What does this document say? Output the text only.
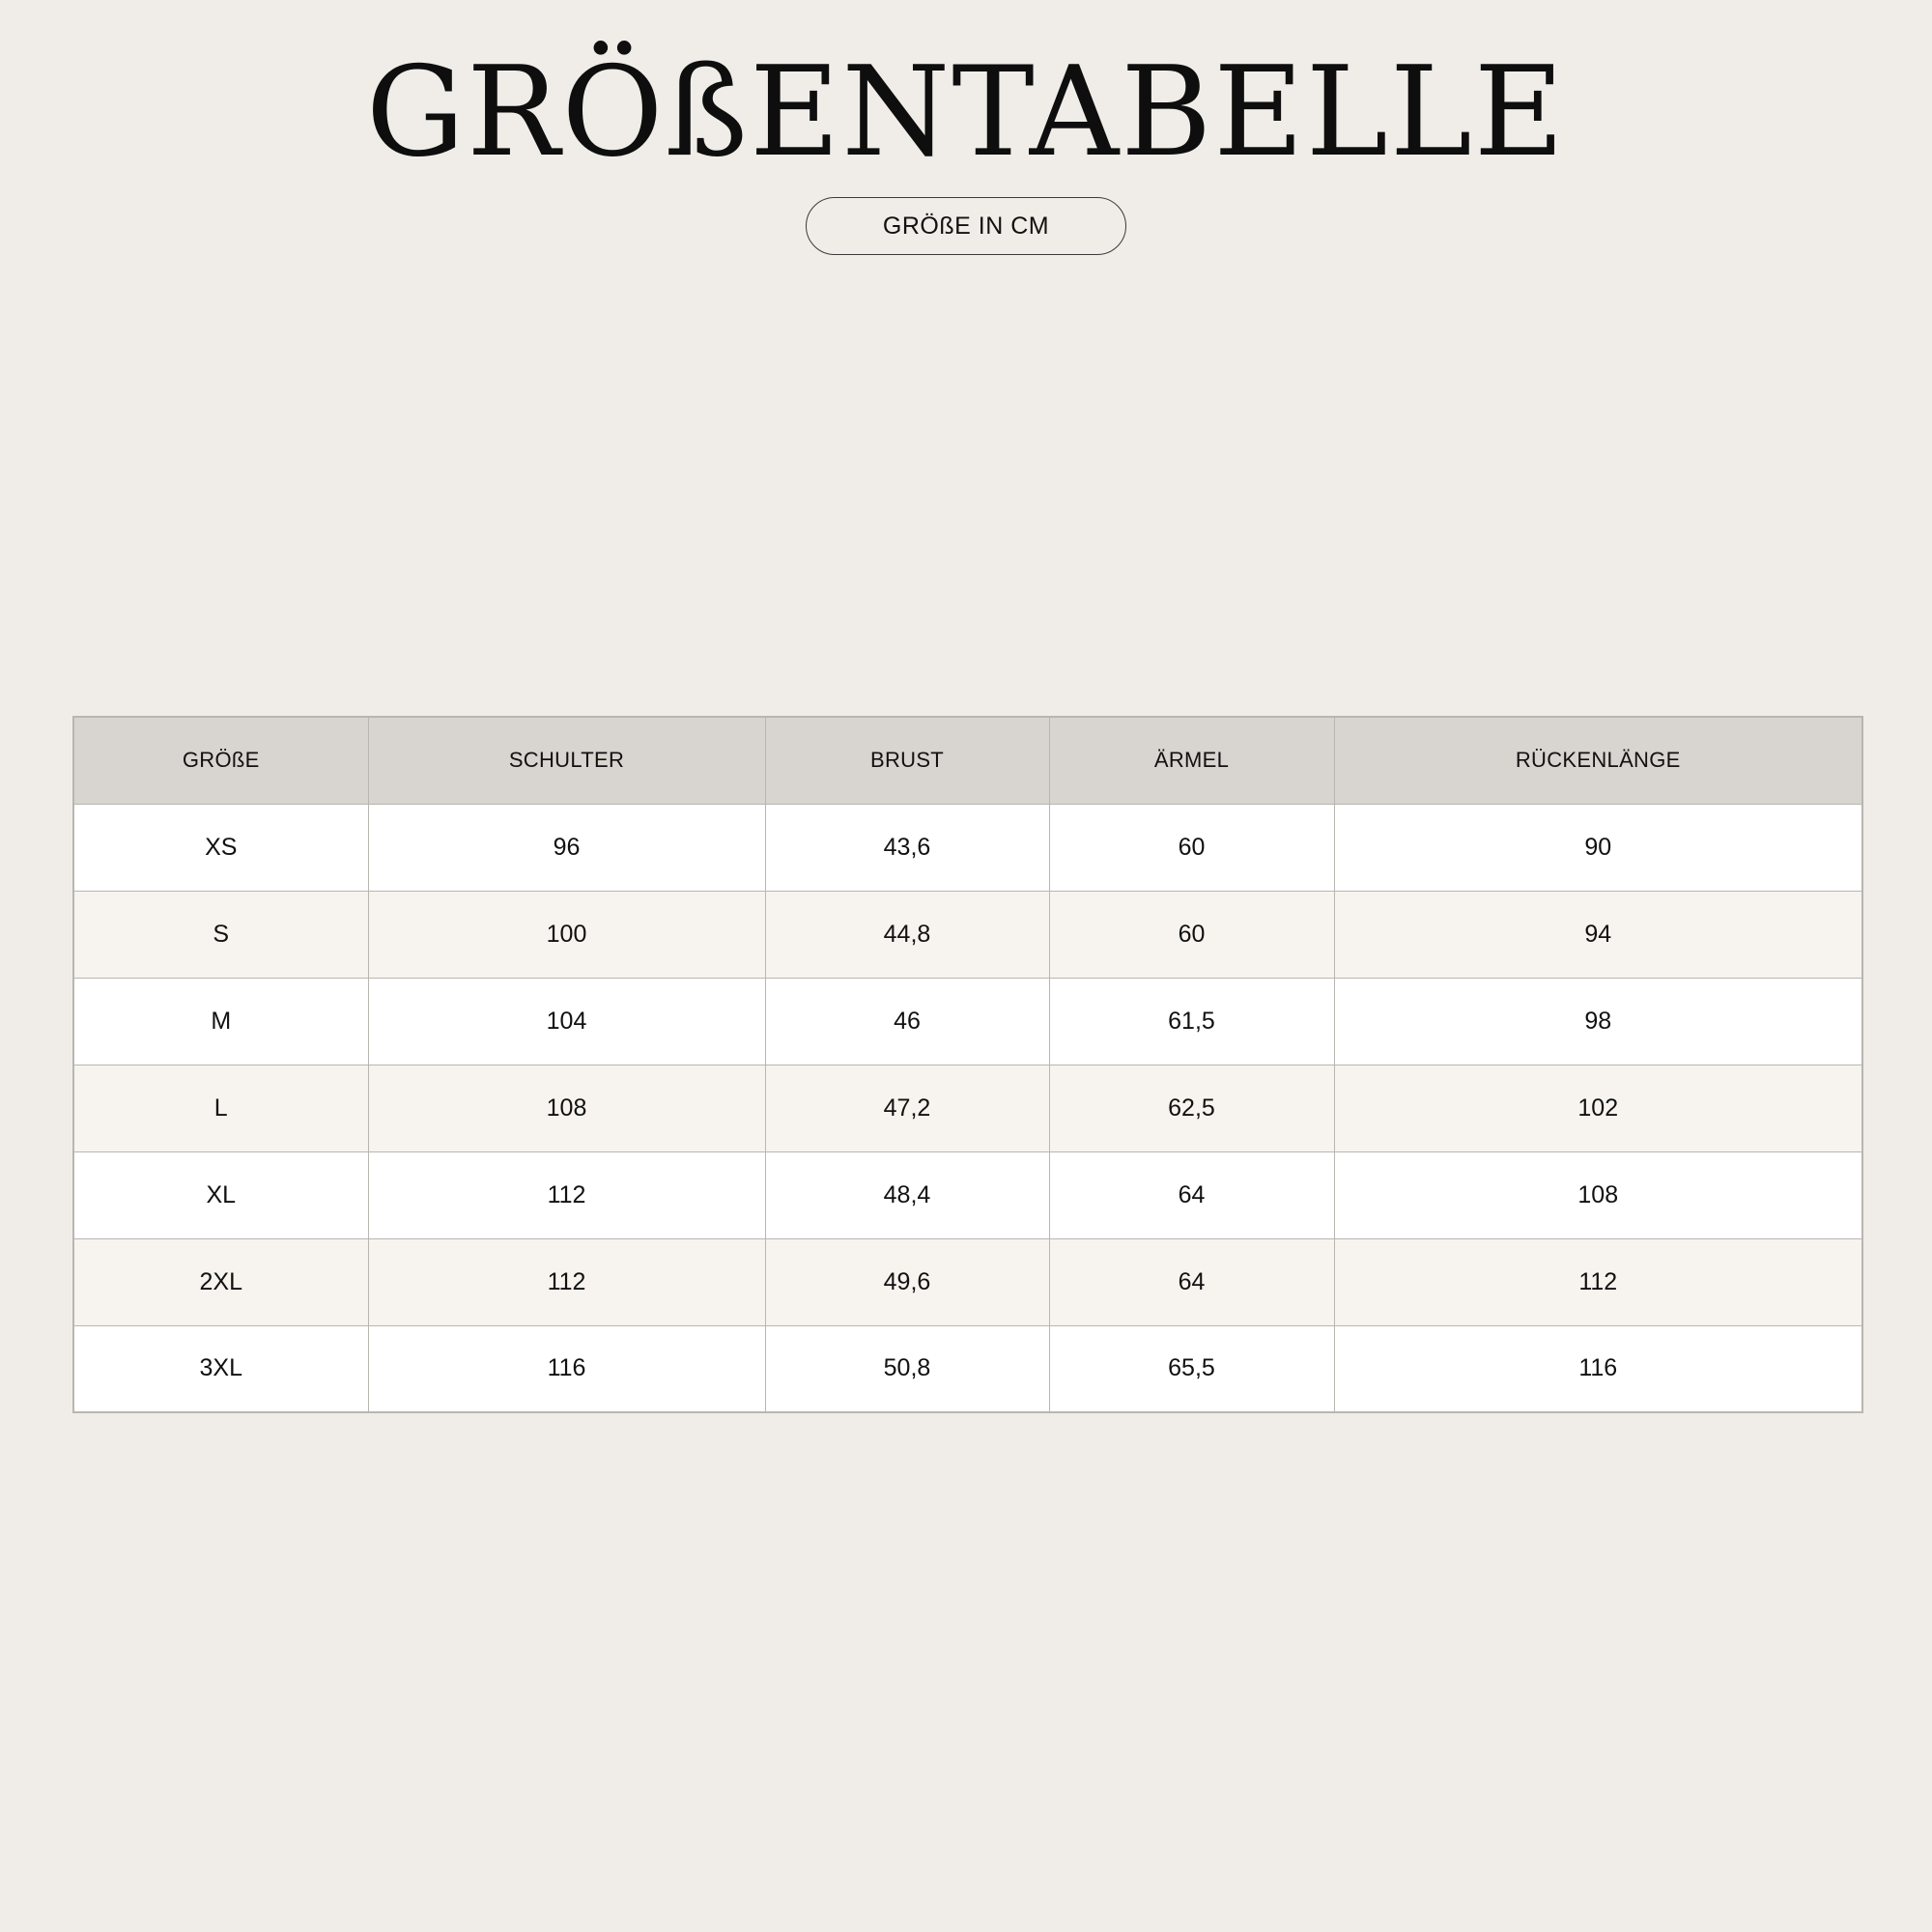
GRÖßENTABELLE
GRÖßE IN CM
GRÖßE	SCHULTER	BRUST	ÄRMEL	RÜCKENLÄNGE
XS	96	43,6	60	90
S	100	44,8	60	94
M	104	46	61,5	98
L	108	47,2	62,5	102
XL	112	48,4	64	108
2XL	112	49,6	64	112
3XL	116	50,8	65,5	116
